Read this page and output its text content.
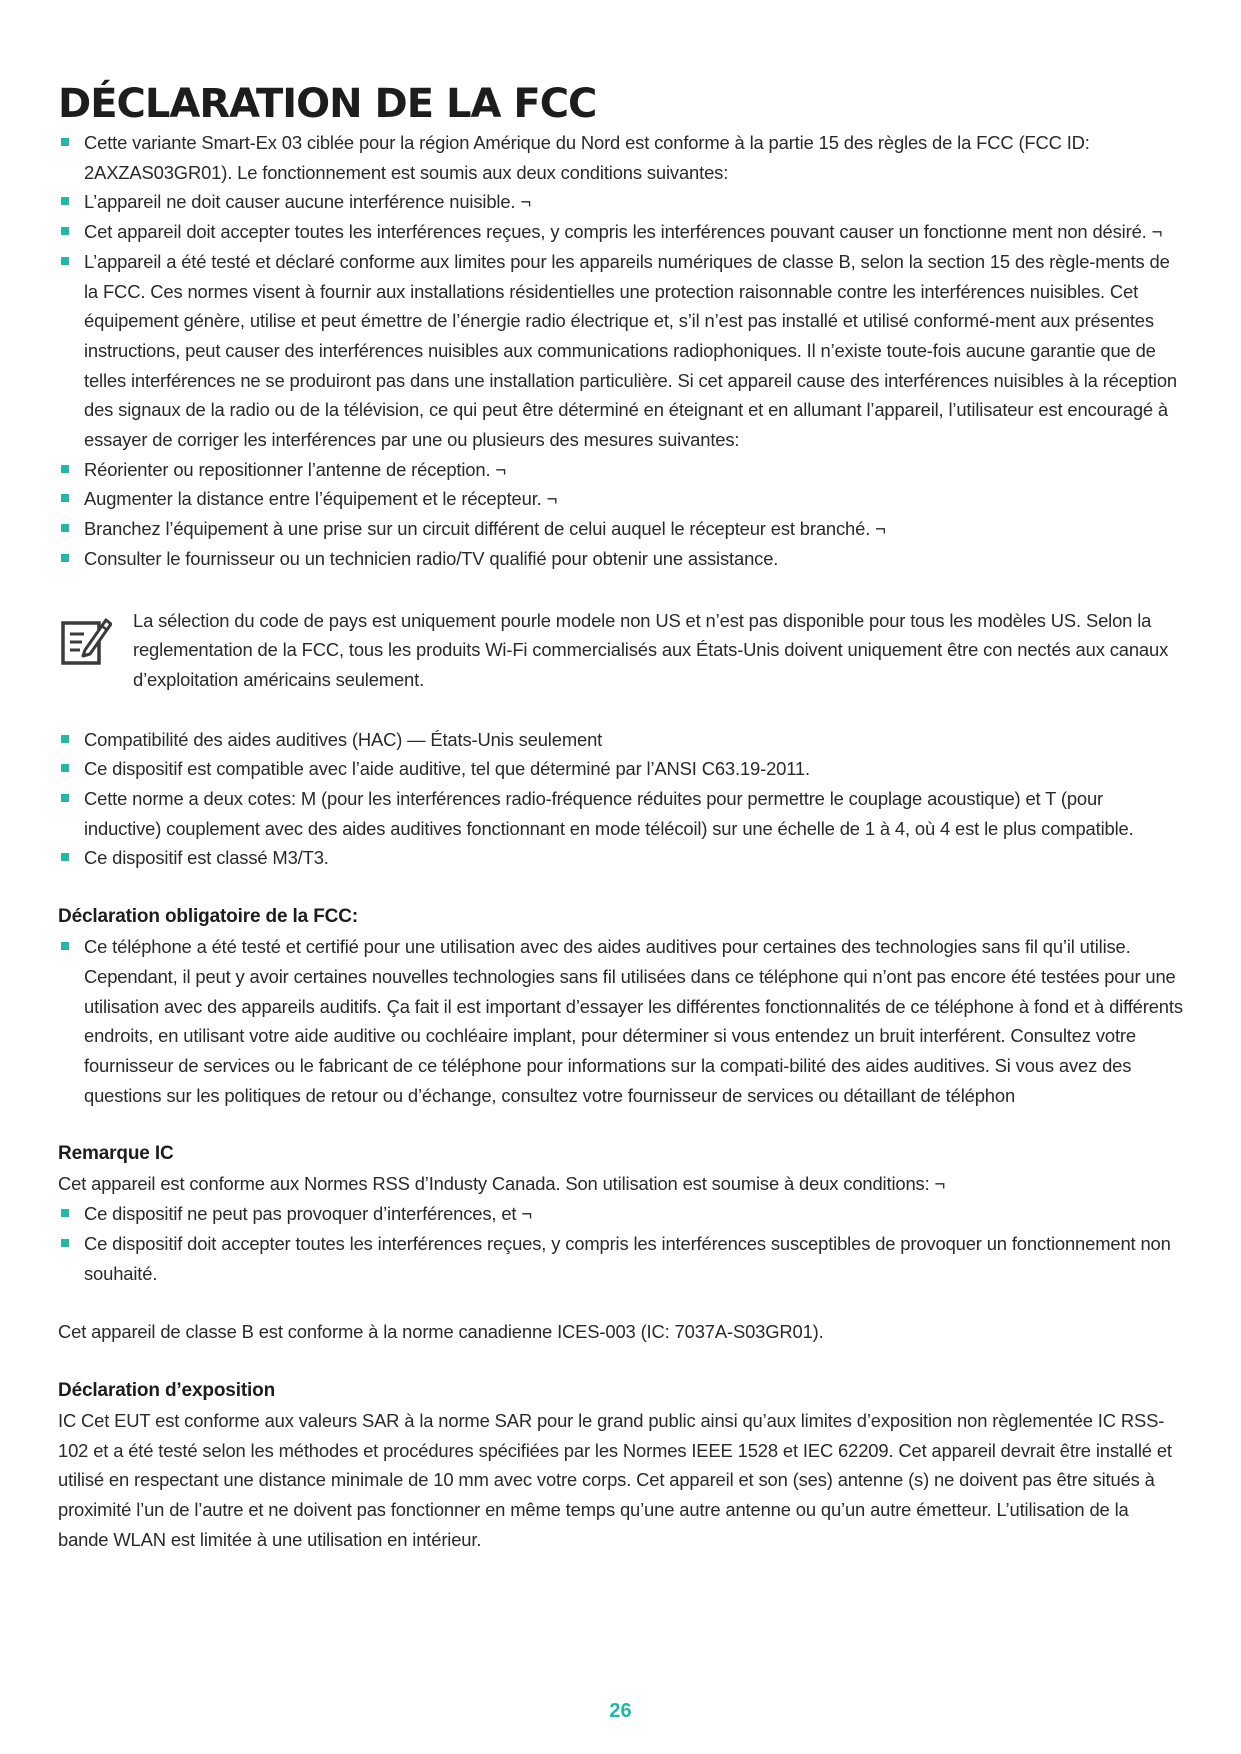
DÉCLARATION DE LA FCC
Cette variante Smart-Ex 03 ciblée pour la région Amérique du Nord est conforme à la partie 15 des règles de la FCC (FCC ID: 2AXZAS03GR01). Le fonctionnement est soumis aux deux conditions suivantes:
L’appareil ne doit causer aucune interférence nuisible. ¬
Cet appareil doit accepter toutes les interférences reçues, y compris les interférences pouvant causer un fonctionne ment non désiré. ¬
L’appareil a été testé et déclaré conforme aux limites pour les appareils numériques de classe B, selon la section 15 des règle-ments de la FCC. Ces normes visent à fournir aux installations résidentielles une protection raisonnable contre les interférences nuisibles. Cet équipement génère, utilise et peut émettre de l’énergie radio électrique et, s’il n’est pas installé et utilisé conformé-ment aux présentes instructions, peut causer des interférences nuisibles aux communications radiophoniques. Il n’existe toute-fois aucune garantie que de telles interférences ne se produiront pas dans une installation particulière. Si cet appareil cause des interférences nuisibles à la réception des signaux de la radio ou de la télévision, ce qui peut être déterminé en éteignant et en allumant l’appareil, l’utilisateur est encouragé à essayer de corriger les interférences par une ou plusieurs des mesures suivantes:
Réorienter ou repositionner l’antenne de réception. ¬
Augmenter la distance entre l’équipement et le récepteur. ¬
Branchez l’équipement à une prise sur un circuit différent de celui auquel le récepteur est branché. ¬
Consulter le fournisseur ou un technicien radio/TV qualifié pour obtenir une assistance.

La sélection du code de pays est uniquement pourle modele non US et n’est pas disponible pour tous les modèles US. Selon la reglementation de la FCC, tous les produits Wi-Fi commercialisés aux États-Unis doivent uniquement être con nectés aux canaux d’exploitation américains seulement.

Compatibilité des aides auditives (HAC) — États-Unis seulement
Ce dispositif est compatible avec l’aide auditive, tel que déterminé par l’ANSI C63.19-2011.
Cette norme a deux cotes: M (pour les interférences radio-fréquence réduites pour permettre le couplage acoustique) et T (pour inductive) couplement avec des aides auditives fonctionnant en mode télécoil) sur une échelle de 1 à 4, où 4 est le plus compatible.
Ce dispositif est classé M3/T3.
Déclaration obligatoire de la FCC:
Ce téléphone a été testé et certifié pour une utilisation avec des aides auditives pour certaines des technologies sans fil qu’il utilise. Cependant, il peut y avoir certaines nouvelles technologies sans fil utilisées dans ce téléphone qui n’ont pas encore été testées pour une utilisation avec des appareils auditifs. Ça fait il est important d’essayer les différentes fonctionnalités de ce téléphone à fond et à différents endroits, en utilisant votre aide auditive ou cochléaire implant, pour déterminer si vous entendez un bruit interférent. Consultez votre fournisseur de services ou le fabricant de ce téléphone pour informations sur la compati-bilité des aides auditives. Si vous avez des questions sur les politiques de retour ou d’échange, consultez votre fournisseur de services ou détaillant de téléphon
Remarque IC

Cet appareil est conforme aux Normes RSS d’Industy Canada. Son utilisation est soumise à deux conditions: ¬

Ce dispositif ne peut pas provoquer d’interférences, et ¬
Ce dispositif doit accepter toutes les interférences reçues, y compris les interférences susceptibles de provoquer un fonctionnement non souhaité.

Cet appareil de classe B est conforme à la norme canadienne ICES-003 (IC: 7037A-S03GR01).

Déclaration d’exposition

IC Cet EUT est conforme aux valeurs SAR à la norme SAR pour le grand public ainsi qu’aux limites d’exposition non règlementée IC RSS-102 et a été testé selon les méthodes et procédures spécifiées par les Normes IEEE 1528 et IEC 62209. Cet appareil devrait être installé et utilisé en respectant une distance minimale de 10 mm avec votre corps. Cet appareil et son (ses) antenne (s) ne doivent pas être situés à proximité l’un de l’autre et ne doivent pas fonctionner en même temps qu’une autre antenne ou qu’un autre émetteur. L’utilisation de la bande WLAN est limitée à une utilisation en intérieur.

26
